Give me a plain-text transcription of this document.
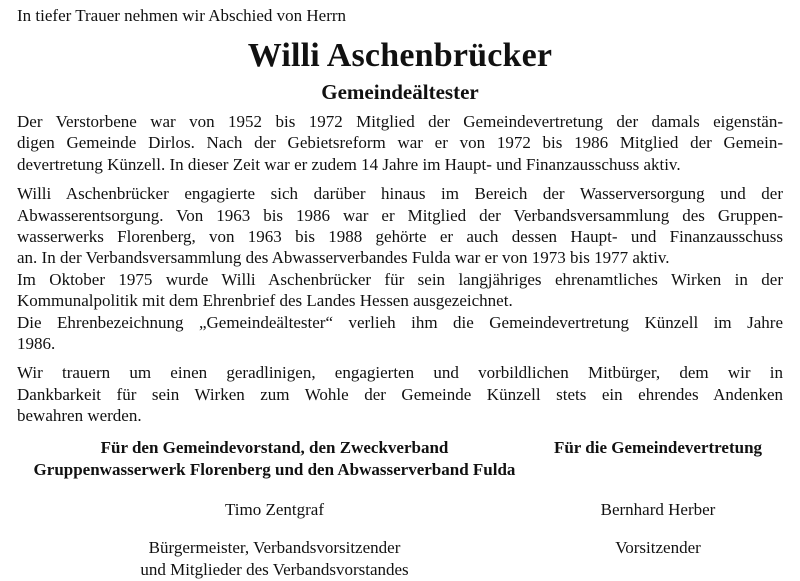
In tiefer Trauer nehmen wir Abschied von Herrn

Willi Aschenbrücker
Gemeindeältester
Der Verstorbene war von 1952 bis 1972 Mitglied der Gemeindevertretung der damals eigenstän-
digen Gemeinde Dirlos. Nach der Gebietsreform war er von 1972 bis 1986 Mitglied der Gemein-
devertretung Künzell. In dieser Zeit war er zudem 14 Jahre im Haupt- und Finanzausschuss aktiv.
Willi Aschenbrücker engagierte sich darüber hinaus im Bereich der Wasserversorgung und der
Abwasserentsorgung. Von 1963 bis 1986 war er Mitglied der Verbandsversammlung des Gruppen-
wasserwerks Florenberg, von 1963 bis 1988 gehörte er auch dessen Haupt- und Finanzausschuss
an. In der Verbandsversammlung des Abwasserverbandes Fulda war er von 1973 bis 1977 aktiv.
Im Oktober 1975 wurde Willi Aschenbrücker für sein langjähriges ehrenamtliches Wirken in der
Kommunalpolitik mit dem Ehrenbrief des Landes Hessen ausgezeichnet.
Die Ehrenbezeichnung „Gemeindeältester“ verlieh ihm die Gemeindevertretung Künzell im Jahre
1986.
Wir trauern um einen geradlinigen, engagierten und vorbildlichen Mitbürger, dem wir in
Dankbarkeit für sein Wirken zum Wohle der Gemeinde Künzell stets ein ehrendes Andenken
bewahren werden.
Für den Gemeindevorstand, den Zweckverband
Gruppenwasserwerk Florenberg und den Abwasserverband Fulda
Timo Zentgraf
Bürgermeister, Verbandsvorsitzender
und Mitglieder des Verbandsvorstandes
Für die Gemeindevertretung
Bernhard Herber
Vorsitzender
